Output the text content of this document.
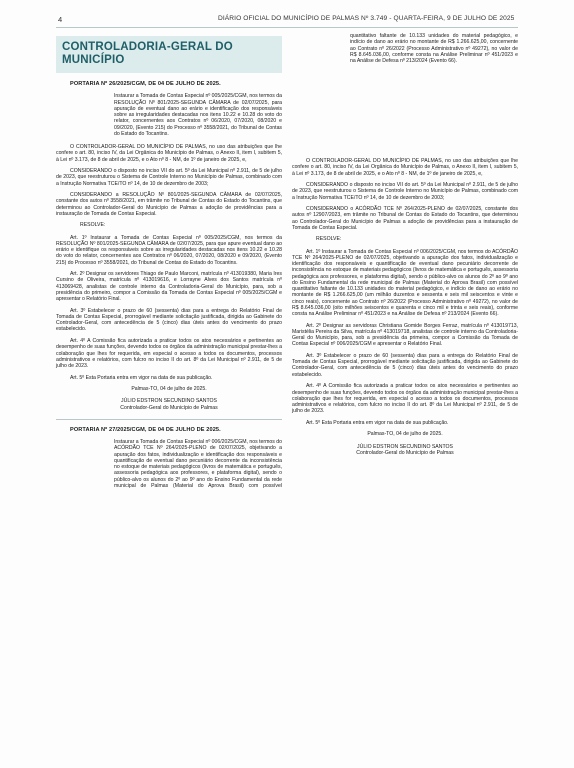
4	DIÁRIO OFICIAL DO MUNICÍPIO DE PALMAS Nº 3.749 - QUARTA-FEIRA, 9 DE JULHO DE 2025
CONTROLADORIA-GERAL DO MUNICÍPIO
PORTARIA Nº 26/2025/CGM, DE 04 DE JULHO DE 2025.
Instaurar a Tomada de Contas Especial nº 005/2025/CGM, nos termos da RESOLUÇÃO Nº 801/2025-SEGUNDA CÂMARA de 02/07/2025, para apuração de eventual dano ao erário e identificação dos responsáveis sobre as irregularidades destacadas nos itens 10.22 e 10.28 do voto do relator, concernentes aos Contratos nº 06/2020, 07/2020, 08/2020 e 09/2020, (Evento 215) do Processo nº 3558/2021, do Tribunal de Contas do Estado do Tocantins.
O CONTROLADOR-GERAL DO MUNICÍPIO DE PALMAS, no uso das atribuições que lhe confere o art. 80, inciso IV, da Lei Orgânica do Município de Palmas, o Anexo II, item I, subitem 5, à Lei nº 3.173, de 8 de abril de 2025, e o Ato nº 8 - NM, de 1º de janeiro de 2025, e,
CONSIDERANDO o disposto no inciso VII do art. 5º da Lei Municipal nº 2.911, de 5 de julho de 2023, que reestruturou o Sistema de Controle Interno no Município de Palmas, combinado com a Instrução Normativa TCE/TO nº 14, de 10 de dezembro de 2003;
CONSIDERANDO a RESOLUÇÃO Nº 801/2025-SEGUNDA CÂMARA de 02/07/2025, constante dos autos nº 3558/2021, em trâmite no Tribunal de Contas do Estado do Tocantins, que determinou ao Controlador-Geral do Município de Palmas a adoção de providências para a instauração de Tomada de Contas Especial.
RESOLVE:
Art. 1º Instaurar a Tomada de Contas Especial nº 005/2025/CGM, nos termos da RESOLUÇÃO Nº 801/2025-SEGUNDA CÂMARA de 02/07/2025, para que apure eventual dano ao erário e identifique os responsáveis sobre as irregularidades destacadas nos itens 10.22 e 10.28 do voto do relator, concernentes aos Contratos nº 06/2020, 07/2020, 08/2020 e 09/2020, (Evento 215) do Processo nº 3558/2021, do Tribunal de Contas do Estado do Tocantins.
Art. 2º Designar os servidores Thiago de Paulo Marconi, matrícula nº 413019380, Maria Ires Cursino de Oliveira, matrícula nº 413019616, e Lorrayne Alves dos Santos matrícula nº 413069428, analistas de controle interno da Controladoria-Geral do Município, para, sob a presidência do primeiro, compor a Comissão da Tomada de Contas Especial nº 005/2025/CGM e apresentar o Relatório Final.
Art. 3º Estabelecer o prazo de 60 (sessenta) dias para a entrega do Relatório Final de Tomada de Contas Especial, prorrogável mediante solicitação justificada, dirigida ao Gabinete do Controlador-Geral, com antecedência de 5 (cinco) dias úteis antes do vencimento do prazo estabelecido.
Art. 4º A Comissão fica autorizada a praticar todos os atos necessários e pertinentes ao desempenho de suas funções, devendo todos os órgãos da administração municipal prestar-lhes a colaboração que lhes for requerida, em especial o acesso a todos os documentos, processos administrativos e relatórios, com fulcro no inciso II do art. 8º da Lei Municipal nº 2.911, de 5 de julho de 2023.
Art. 5º Esta Portaria entra em vigor na data de sua publicação.
Palmas-TO, 04 de julho de 2025.
JÚLIO EDSTRON SECUNDINO SANTOS
Controlador-Geral do Município de Palmas
PORTARIA Nº 27/2025/CGM, DE 04 DE JULHO DE 2025.
Instaurar a Tomada de Contas Especial nº 006/2025/CGM, nos termos do ACÓRDÃO TCE Nº 264/2025-PLENO de 02/07/2025, objetivando a apuração dos fatos, individualização e identificação dos responsáveis e quantificação de eventual dano pecuniário decorrente da inconsistência no estoque de materiais pedagógicos (livros de matemática e português, assessoria pedagógica aos professores, e plataforma digital), sendo o público-alvo os alunos do 2º ao 9º ano do Ensino Fundamental da rede municipal de Palmas (Material do Aprova Brasil) com possível
quantitativo faltante de 10.133 unidades do material pedagógico, e indício de dano ao erário no montante de R$ 1.266.625,00, concernente ao Contrato nº 26/2022 (Processo Administrativo nº 49272), no valor de R$ 8.645.036,00, conforme consta na Análise Preliminar nº 451/2023 e na Análise de Defesa nº 213/2024 (Evento 66).
O CONTROLADOR-GERAL DO MUNICÍPIO DE PALMAS, no uso das atribuições que lhe confere o art. 80, inciso IV, da Lei Orgânica do Município de Palmas, o Anexo II, item I, subitem 5, à Lei nº 3.173, de 8 de abril de 2025, e o Ato nº 8 - NM, de 1º de janeiro de 2025, e,
CONSIDERANDO o disposto no inciso VII do art. 5º da Lei Municipal nº 2.911, de 5 de julho de 2023, que reestruturou o Sistema de Controle Interno no Município de Palmas, combinado com a Instrução Normativa TCE/TO nº 14, de 10 de dezembro de 2003;
CONSIDERANDO o ACÓRDÃO TCE Nº 264/2025-PLENO de 02/07/2025, constante dos autos nº 12907/2023, em trâmite no Tribunal de Contas do Estado do Tocantins, que determinou ao Controlador-Geral do Município de Palmas a adoção de providências para a instauração de Tomada de Contas Especial.
RESOLVE:
Art. 1º Instaurar a Tomada de Contas Especial nº 006/2025/CGM, nos termos do ACÓRDÃO TCE Nº 264/2025-PLENO de 02/07/2025, objetivando a apuração dos fatos, individualização e identificação dos responsáveis e quantificação de eventual dano pecuniário decorrente de inconsistência no estoque de materiais pedagógicos (livros de matemática e português, assessoria pedagógica aos professores, e plataforma digital), sendo o público-alvo os alunos do 2º ao 9º ano do Ensino Fundamental da rede municipal de Palmas (Material do Aprova Brasil) com possível quantitativo faltante de 10.133 unidades do material pedagógico, e indício de dano ao erário no montante de R$ 1.266.625,00 (um milhão duzentos e sessenta e seis mil seiscentos e vinte e cinco reais), concernente ao Contrato nº 26/2022 (Processo Administrativo nº 49272), no valor de R$ 8.645.036,00 (oito milhões seiscentos e quarenta e cinco mil e trinta e seis reais), conforme consta na Análise Preliminar nº 451/2023 e na Análise de Defesa nº 213/2024 (Evento 66).
Art. 2º Designar as servidoras Christiana Gomide Borges Ferraz, matrícula nº 413019713, Maristélia Pereira da Silva, matrícula nº 413019718, analistas de controle interno da Controladoria-Geral do Município, para, sob a presidência da primeira, compor a Comissão da Tomada de Contas Especial nº 006/2025/CGM e apresentar o Relatório Final.
Art. 3º Estabelecer o prazo de 60 (sessenta) dias para a entrega do Relatório Final de Tomada de Contas Especial, prorrogável mediante solicitação justificada, dirigida ao Gabinete do Controlador-Geral, com antecedência de 5 (cinco) dias úteis antes do vencimento do prazo estabelecido.
Art. 4º A Comissão fica autorizada a praticar todos os atos necessários e pertinentes ao desempenho de suas funções, devendo todos os órgãos da administração municipal prestar-lhes a colaboração que lhes for requerida, em especial o acesso a todos os documentos, processos administrativos e relatórios, com fulcro no inciso II do art. 8º da Lei Municipal nº 2.911, de 5 de julho de 2023.
Art. 5º Esta Portaria entra em vigor na data de sua publicação.
Palmas-TO, 04 de julho de 2025.
JÚLIO EDSTRON SECUNDINO SANTOS
Controlador-Geral do Município de Palmas
